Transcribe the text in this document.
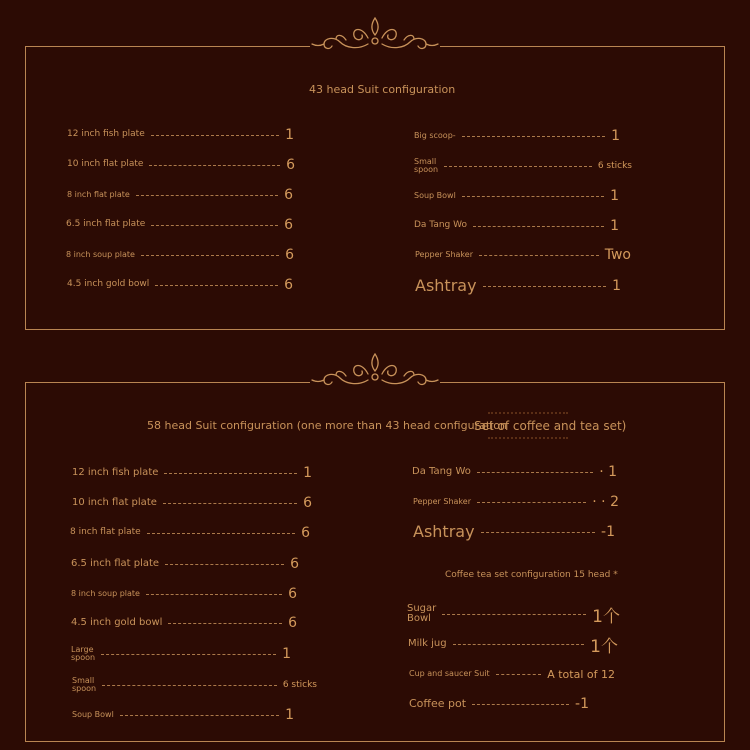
43 head Suit configuration
12 inch fish plate	1
10 inch flat plate	6
8 inch flat plate	6
6.5 inch flat plate	6
8 inch soup plate	6
4.5 inch gold bowl	6
Big scoop-	1
Small
spoon	6 sticks
Soup Bowl	1
Da Tang Wo	1
Pepper Shaker	Two
Ashtray	1
58 head Suit configuration (one more than 43 head configuration
Set of coffee and tea set)
12 inch fish plate	1
10 inch flat plate	6
8 inch flat plate	6
6.5 inch flat plate	6
8 inch soup plate	6
4.5 inch gold bowl	6
Large
spoon	1
Small
spoon	6 sticks
Soup Bowl	1
Da Tang Wo	· 1
Pepper Shaker	· · 2
Ashtray	-1
Coffee tea set configuration 15 head *
Sugar
Bowl	1个
Milk jug	1个
Cup and saucer Suit	A total of 12
Coffee pot	-1
